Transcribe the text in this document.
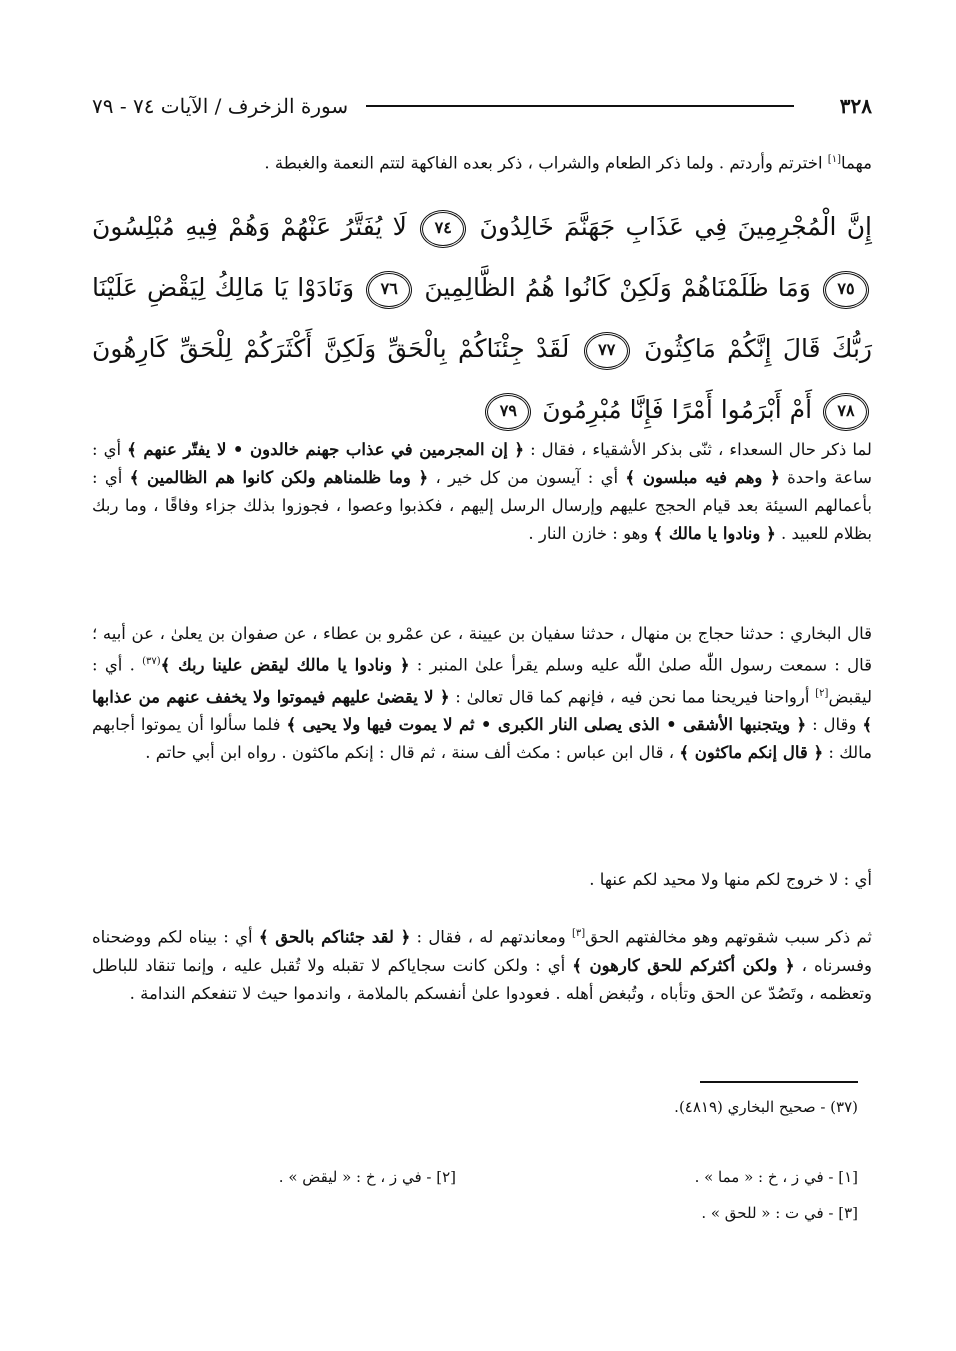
٣٢٨
سورة الزخرف / الآيات ٧٤ - ٧٩
مهما[١] اخترتم وأردتم . ولما ذكر الطعام والشراب ، ذكر بعده الفاكهة لتتم النعمة والغبطة .
إِنَّ الْمُجْرِمِينَ فِي عَذَابِ جَهَنَّمَ خَالِدُونَ ٧٤ لَا يُفَتَّرُ عَنْهُمْ وَهُمْ فِيهِ مُبْلِسُونَ ٧٥ وَمَا ظَلَمْنَاهُمْ وَلَكِنْ كَانُوا هُمُ الظَّالِمِينَ ٧٦ وَنَادَوْا يَا مَالِكُ لِيَقْضِ عَلَيْنَا رَبُّكَ قَالَ إِنَّكُمْ مَاكِثُونَ ٧٧ لَقَدْ جِئْنَاكُمْ بِالْحَقِّ وَلَكِنَّ أَكْثَرَكُمْ لِلْحَقِّ كَارِهُونَ ٧٨ أَمْ أَبْرَمُوا أَمْرًا فَإِنَّا مُبْرِمُونَ ٧٩
لما ذكر حال السعداء ، ثنّى بذكر الأشقياء ، فقال : ﴿ إن المجرمين في عذاب جهنم خالدون • لا يفتّر عنهم ﴾ أي : ساعة واحدة ﴿ وهم فيه مبلسون ﴾ أي : آيسون من كل خير ، ﴿ وما ظلمناهم ولكن كانوا هم الظالمين ﴾ أي : بأعمالهم السيئة بعد قيام الحجج عليهم وإرسال الرسل إليهم ، فكذبوا وعصوا ، فجوزوا بذلك جزاء وفاقًا ، وما ربك بظلام للعبيد . ﴿ ونادوا يا مالك ﴾ وهو : خازن النار .
قال البخاري : حدثنا حجاج بن منهال ، حدثنا سفيان بن عيينة ، عن عمْرو بن عطاء ، عن صفوان بن يعلىٰ ، عن أبيه ؛ قال : سمعت رسول اللّٰه صلىٰ اللّٰه عليه وسلم يقرأ علىٰ المنبر : ﴿ ونادوا يا مالك ليقض علينا ربك ﴾$^{(٣٧)}$ . أي : ليقبض[٢] أرواحنا فيريحنا مما نحن فيه ، فإنهم كما قال تعالىٰ : ﴿ لا يقضىٰ عليهم فيموتوا ولا يخفف عنهم من عذابها ﴾ وقال : ﴿ ويتجنبها الأشقى • الذى يصلى النار الكبرى • ثم لا يموت فيها ولا يحيى ﴾ فلما سألوا أن يموتوا أجابهم مالك : ﴿ قال إنكم ماكثون ﴾ ، قال ابن عباس : مكث ألف سنة ، ثم قال : إنكم ماكثون . رواه ابن أبي حاتم .
أي : لا خروج لكم منها ولا محيد لكم عنها .
ثم ذكر سبب شقوتهم وهو مخالفتهم الحق[٣] ومعاندتهم له ، فقال : ﴿ لقد جئناكم بالحق ﴾ أي : بيناه لكم ووضحناه وفسرناه ، ﴿ ولكن أكثركم للحق كارهون ﴾ أي : ولكن كانت سجاياكم لا تقبله ولا تُقبل عليه ، وإنما تنقاد للباطل وتعظمه ، وتَصُدّ عن الحق وتأباه ، وتُبغض أهله . فعودوا علىٰ أنفسكم بالملامة ، واندموا حيث لا تنفعكم الندامة .
(٣٧) - صحيح البخاري (٤٨١٩).
[١] - في ز ، خ : « مما » .
[٢] - في ز ، خ : « ليقض » .
[٣] - في ت : « للحق » .
